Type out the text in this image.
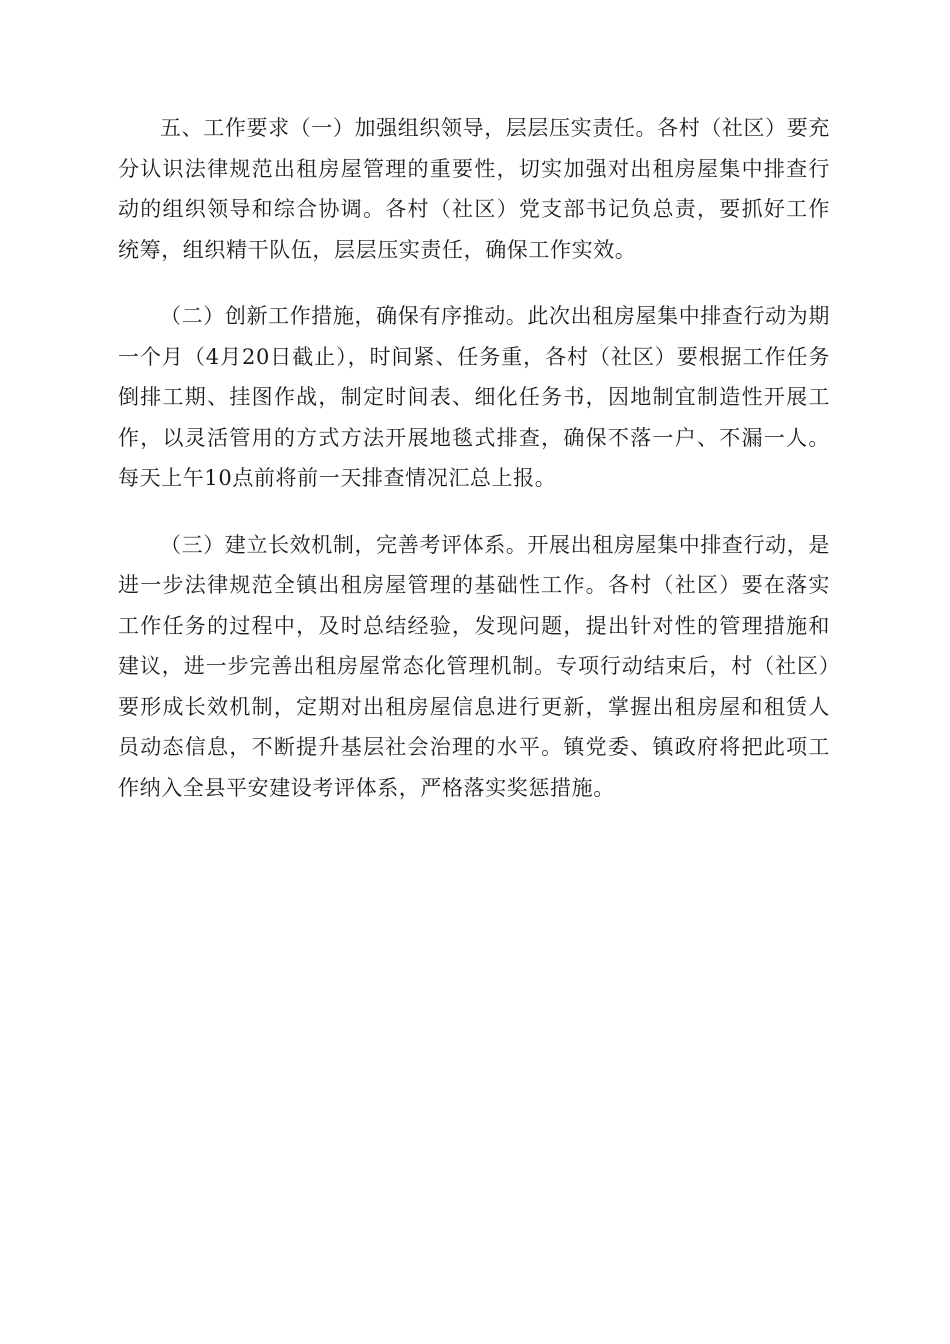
五、工作要求（一）加强组织领导，层层压实责任。各村（社区）要充分认识法律规范出租房屋管理的重要性，切实加强对出租房屋集中排查行动的组织领导和综合协调。各村（社区）党支部书记负总责，要抓好工作统筹，组织精干队伍，层层压实责任，确保工作实效。

（二）创新工作措施，确保有序推动。此次出租房屋集中排查行动为期一个月（4月20日截止），时间紧、任务重，各村（社区）要根据工作任务倒排工期、挂图作战，制定时间表、细化任务书，因地制宜制造性开展工作，以灵活管用的方式方法开展地毯式排查，确保不落一户、不漏一人。每天上午10点前将前一天排查情况汇总上报。

（三）建立长效机制，完善考评体系。开展出租房屋集中排查行动，是进一步法律规范全镇出租房屋管理的基础性工作。各村（社区）要在落实工作任务的过程中，及时总结经验，发现问题，提出针对性的管理措施和建议，进一步完善出租房屋常态化管理机制。专项行动结束后，村（社区）要形成长效机制，定期对出租房屋信息进行更新，掌握出租房屋和租赁人员动态信息，不断提升基层社会治理的水平。镇党委、镇政府将把此项工作纳入全县平安建设考评体系，严格落实奖惩措施。
